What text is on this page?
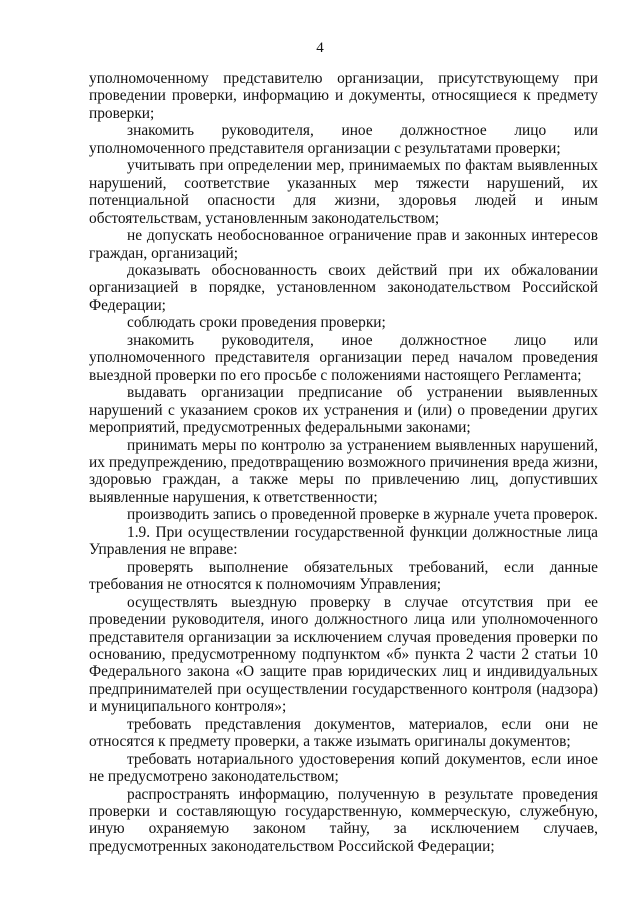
4

уполномоченному представителю организации, присутствующему при проведении проверки, информацию и документы, относящиеся к предмету проверки;

знакомить руководителя, иное должностное лицо или уполномоченного представителя организации с результатами проверки;

учитывать при определении мер, принимаемых по фактам выявленных нарушений, соответствие указанных мер тяжести нарушений, их потенциальной опасности для жизни, здоровья людей и иным обстоятельствам, установленным законодательством;

не допускать необоснованное ограничение прав и законных интересов граждан, организаций;

доказывать обоснованность своих действий при их обжаловании организацией в порядке, установленном законодательством Российской Федерации;

соблюдать сроки проведения проверки;

знакомить руководителя, иное должностное лицо или уполномоченного представителя организации перед началом проведения выездной проверки по его просьбе с положениями настоящего Регламента;

выдавать организации предписание об устранении выявленных нарушений с указанием сроков их устранения и (или) о проведении других мероприятий, предусмотренных федеральными законами;

принимать меры по контролю за устранением выявленных нарушений, их предупреждению, предотвращению возможного причинения вреда жизни, здоровью граждан, а также меры по привлечению лиц, допустивших выявленные нарушения, к ответственности;

производить запись о проведенной проверке в журнале учета проверок.

1.9. При осуществлении государственной функции должностные лица Управления не вправе:

проверять выполнение обязательных требований, если данные требования не относятся к полномочиям Управления;

осуществлять выездную проверку в случае отсутствия при ее проведении руководителя, иного должностного лица или уполномоченного представителя организации за исключением случая проведения проверки по основанию, предусмотренному подпунктом «б» пункта 2 части 2 статьи 10 Федерального закона «О защите прав юридических лиц и индивидуальных предпринимателей при осуществлении государственного контроля (надзора) и муниципального контроля»;

требовать представления документов, материалов, если они не относятся к предмету проверки, а также изымать оригиналы документов;

требовать нотариального удостоверения копий документов, если иное не предусмотрено законодательством;

распространять информацию, полученную в результате проведения проверки и составляющую государственную, коммерческую, служебную, иную охраняемую законом тайну, за исключением случаев, предусмотренных законодательством Российской Федерации;
